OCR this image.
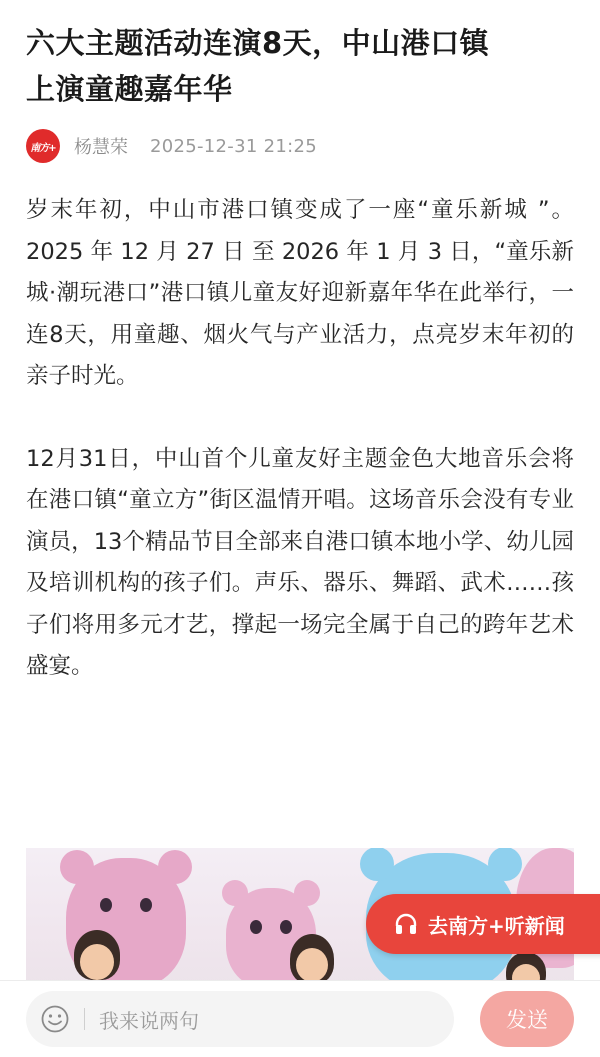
六大主题活动连演8天，中山港口镇
上演童趣嘉年华
南方+ 杨慧荣 2025-12-31 21:25

岁末年初，中山市港口镇变成了一座“童乐新城 ”。2025 年 12 月 27 日 至 2026 年 1 月 3 日，“童乐新城·潮玩港口”港口镇儿童友好迎新嘉年华在此举行，一连8天，用童趣、烟火气与产业活力，点亮岁末年初的亲子时光。

12月31日，中山首个儿童友好主题金色大地音乐会将在港口镇“童立方”街区温情开唱。这场音乐会没有专业演员，13个精品节目全部来自港口镇本地小学、幼儿园及培训机构的孩子们。声乐、器乐、舞蹈、武术……孩子们将用多元才艺，撑起一场完全属于自己的跨年艺术盛宴。

去南方+听新闻
我来说两句	发送
